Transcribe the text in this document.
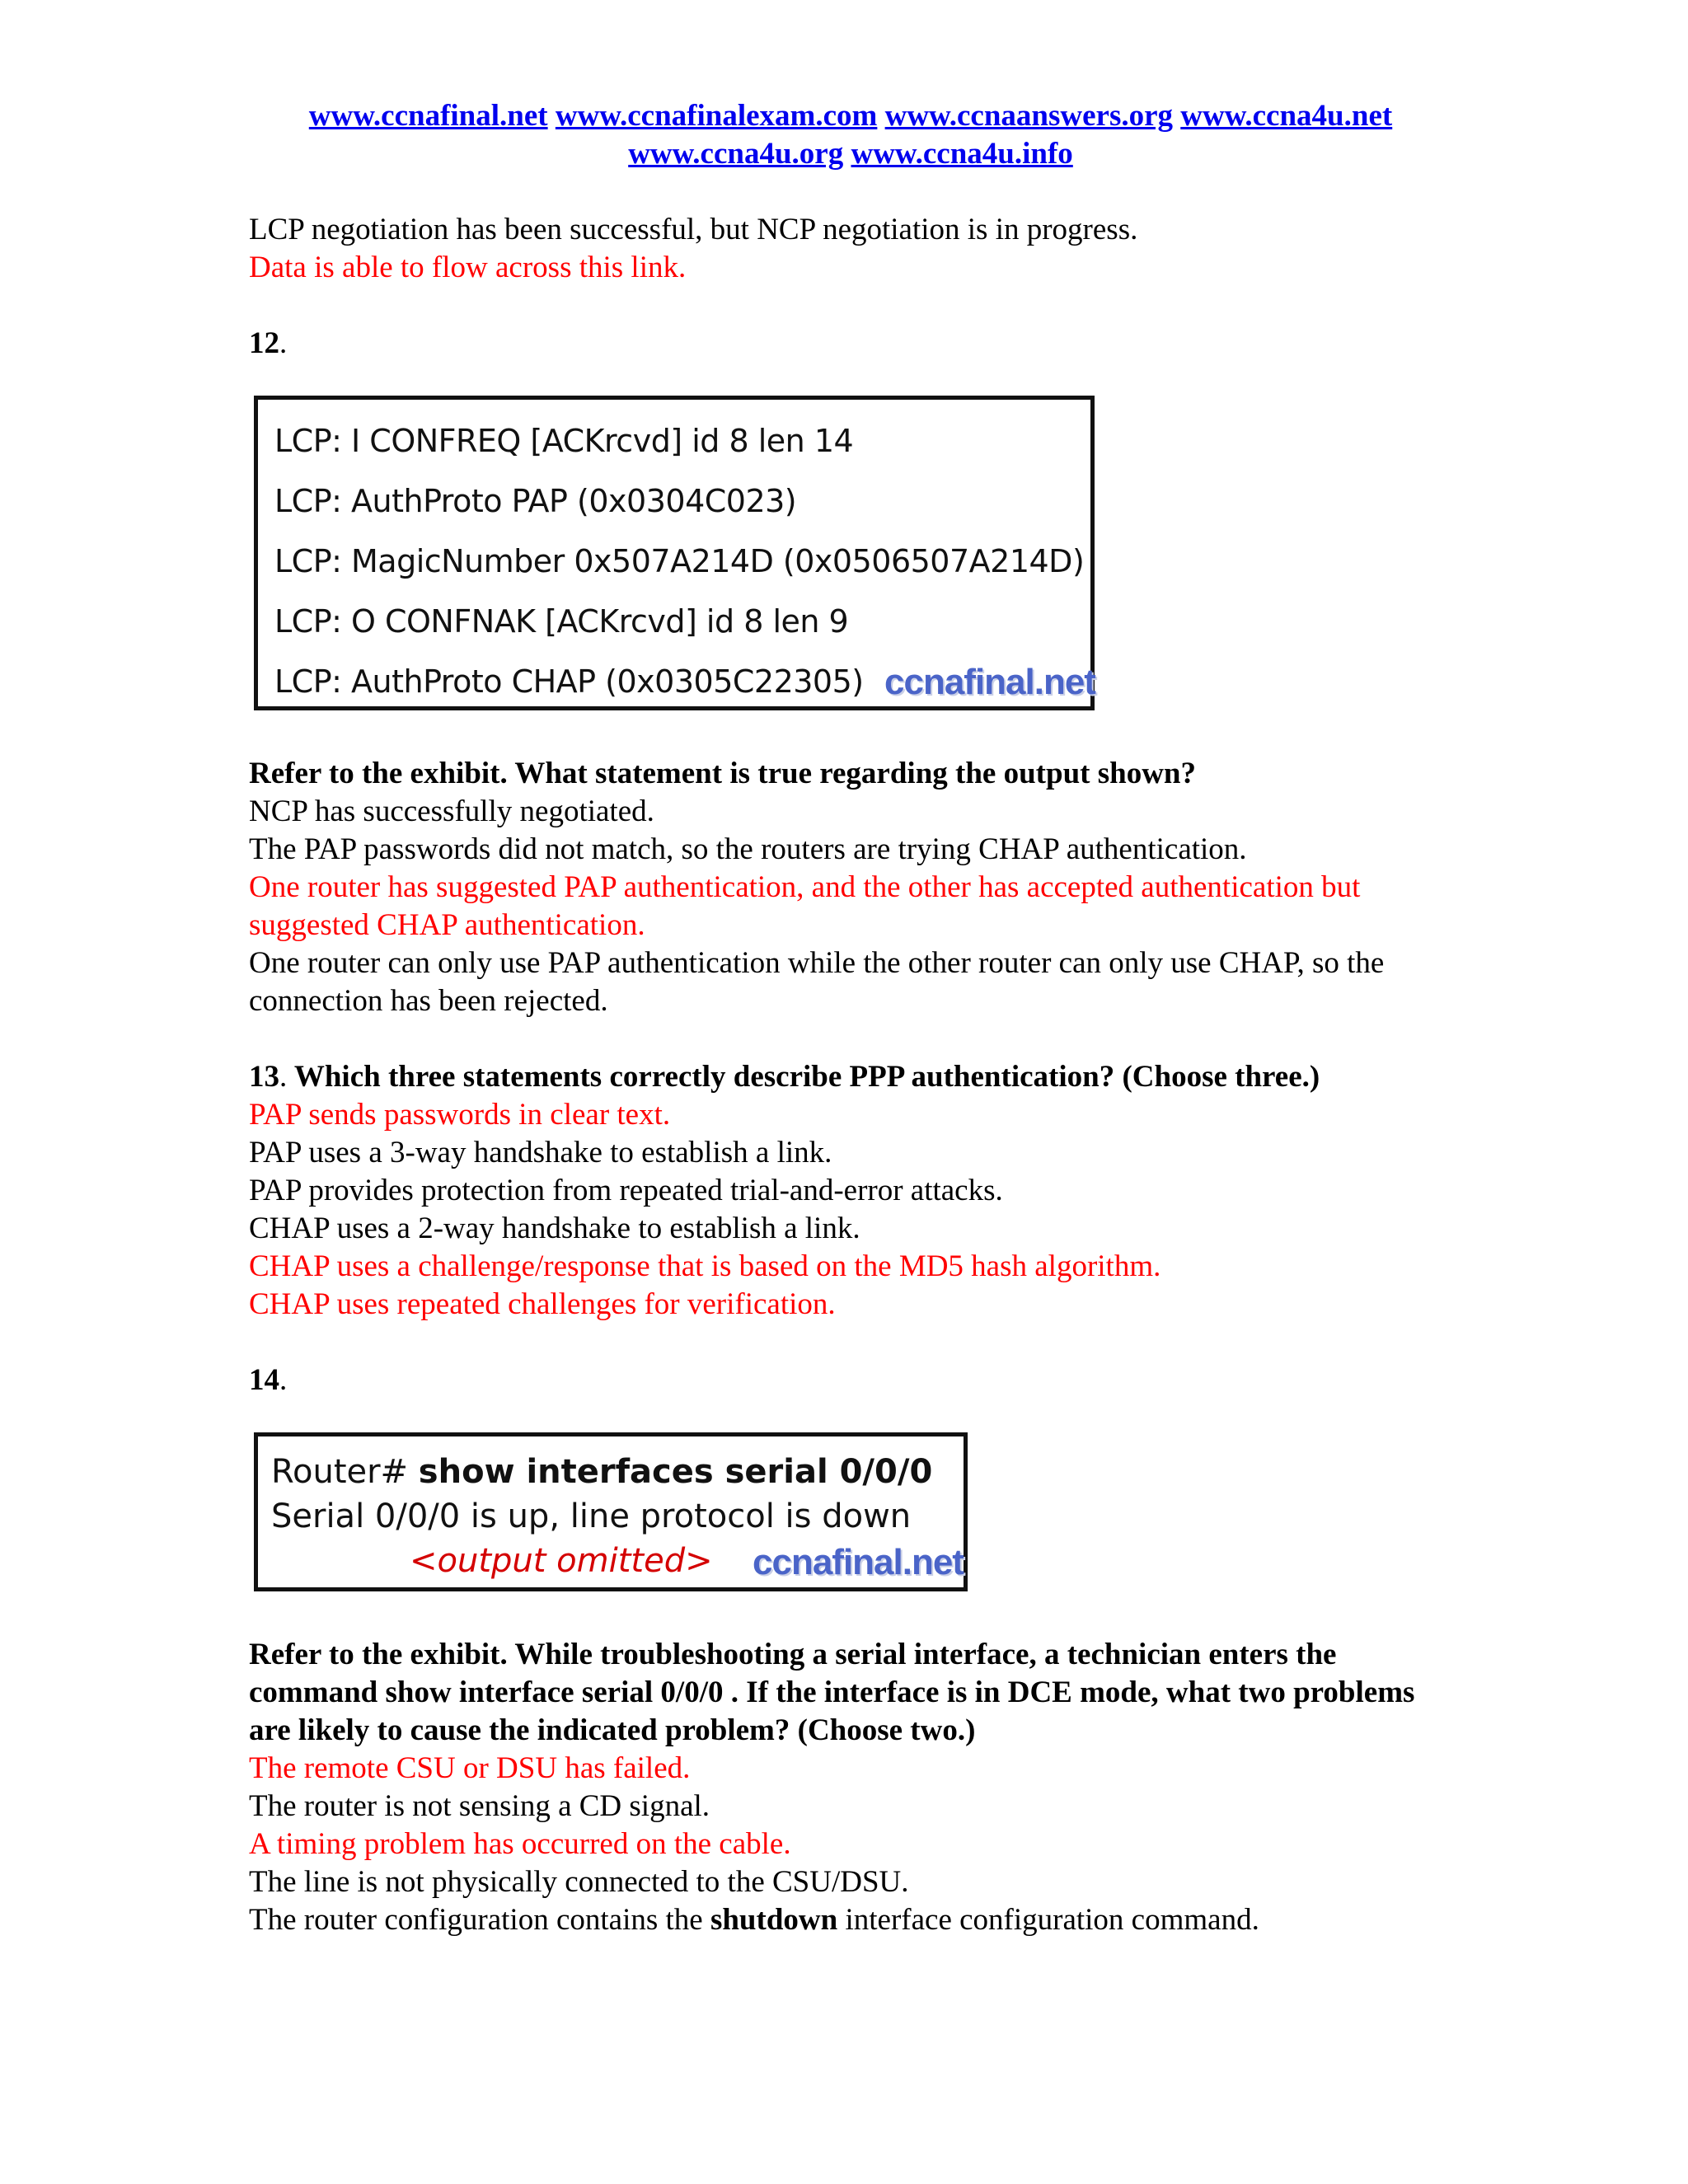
www.ccnafinal.net www.ccnafinalexam.com www.ccnaanswers.org www.ccna4u.net
www.ccna4u.org www.ccna4u.info
LCP negotiation has been successful, but NCP negotiation is in progress.
Data is able to flow across this link.
12.
LCP: I CONFREQ [ACKrcvd] id 8 len 14
LCP: AuthProto PAP (0x0304C023)
LCP: MagicNumber 0x507A214D (0x0506507A214D)
LCP: O CONFNAK [ACKrcvd] id 8 len 9
LCP: AuthProto CHAP (0x0305C22305) ccnafinal.net
Refer to the exhibit. What statement is true regarding the output shown?
NCP has successfully negotiated.
The PAP passwords did not match, so the routers are trying CHAP authentication.
One router has suggested PAP authentication, and the other has accepted authentication but suggested CHAP authentication.
One router can only use PAP authentication while the other router can only use CHAP, so the connection has been rejected.
13. Which three statements correctly describe PPP authentication? (Choose three.)
PAP sends passwords in clear text.
PAP uses a 3-way handshake to establish a link.
PAP provides protection from repeated trial-and-error attacks.
CHAP uses a 2-way handshake to establish a link.
CHAP uses a challenge/response that is based on the MD5 hash algorithm.
CHAP uses repeated challenges for verification.
14.
Router# show interfaces serial 0/0/0
Serial 0/0/0 is up, line protocol is down
<output omitted>	ccnafinal.net
Refer to the exhibit. While troubleshooting a serial interface, a technician enters the command show interface serial 0/0/0 . If the interface is in DCE mode, what two problems are likely to cause the indicated problem? (Choose two.)
The remote CSU or DSU has failed.
The router is not sensing a CD signal.
A timing problem has occurred on the cable.
The line is not physically connected to the CSU/DSU.
The router configuration contains the shutdown interface configuration command.
